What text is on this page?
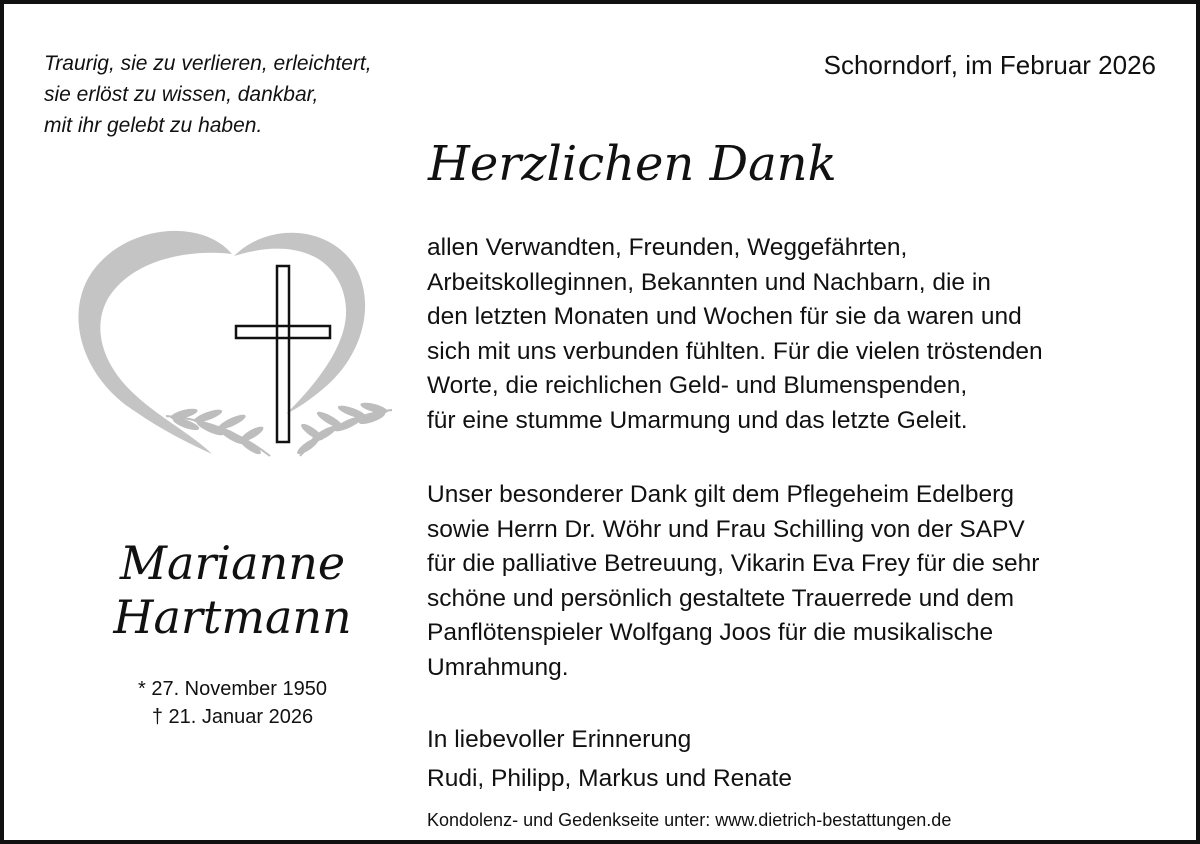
Traurig, sie zu verlieren, erleichtert,
sie erlöst zu wissen, dankbar,
mit ihr gelebt zu haben.
Schorndorf, im Februar 2026
Herzlichen Dank
allen Verwandten, Freunden, Weggefährten,
Arbeitskolleginnen, Bekannten und Nachbarn, die in
den letzten Monaten und Wochen für sie da waren und
sich mit uns verbunden fühlten. Für die vielen tröstenden
Worte, die reichlichen Geld- und Blumenspenden,
für eine stumme Umarmung und das letzte Geleit.
Unser besonderer Dank gilt dem Pflegeheim Edelberg
sowie Herrn Dr. Wöhr und Frau Schilling von der SAPV
für die palliative Betreuung, Vikarin Eva Frey für die sehr
schöne und persönlich gestaltete Trauerrede und dem
Panflötenspieler Wolfgang Joos für die musikalische
Umrahmung.
In liebevoller Erinnerung
Rudi, Philipp, Markus und Renate
Kondolenz- und Gedenkseite unter: www.dietrich-bestattungen.de
Marianne
Hartmann
* 27. November 1950
† 21. Januar 2026
